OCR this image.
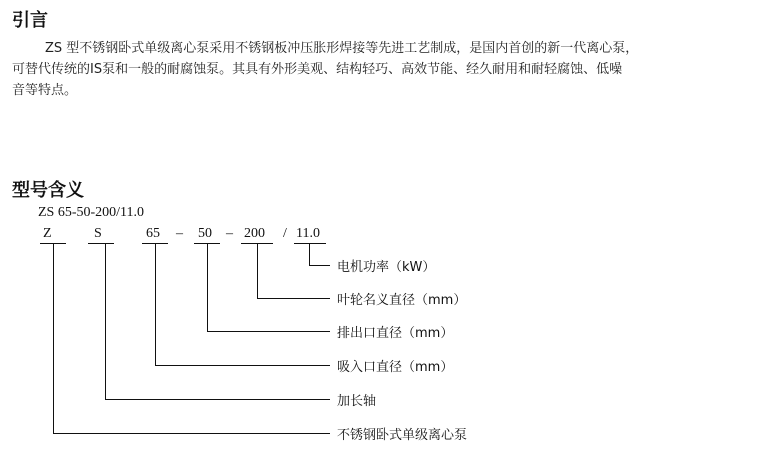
引言

ZS 型不锈钢卧式单级离心泵采用不锈钢板冲压胀形焊接等先进工艺制成，是国内首创的新一代离心泵，
可替代传统的IS泵和一般的耐腐蚀泵。其具有外形美观、结构轻巧、高效节能、经久耐用和耐轻腐蚀、低噪
音等特点。

型号含义

ZS 65-50-200/11.0

Z	S	65 – 50 – 200 / 11.0
电机功率（kW）
叶轮名义直径（mm）
排出口直径（mm）
吸入口直径（mm）
加长轴
不锈钢卧式单级离心泵
